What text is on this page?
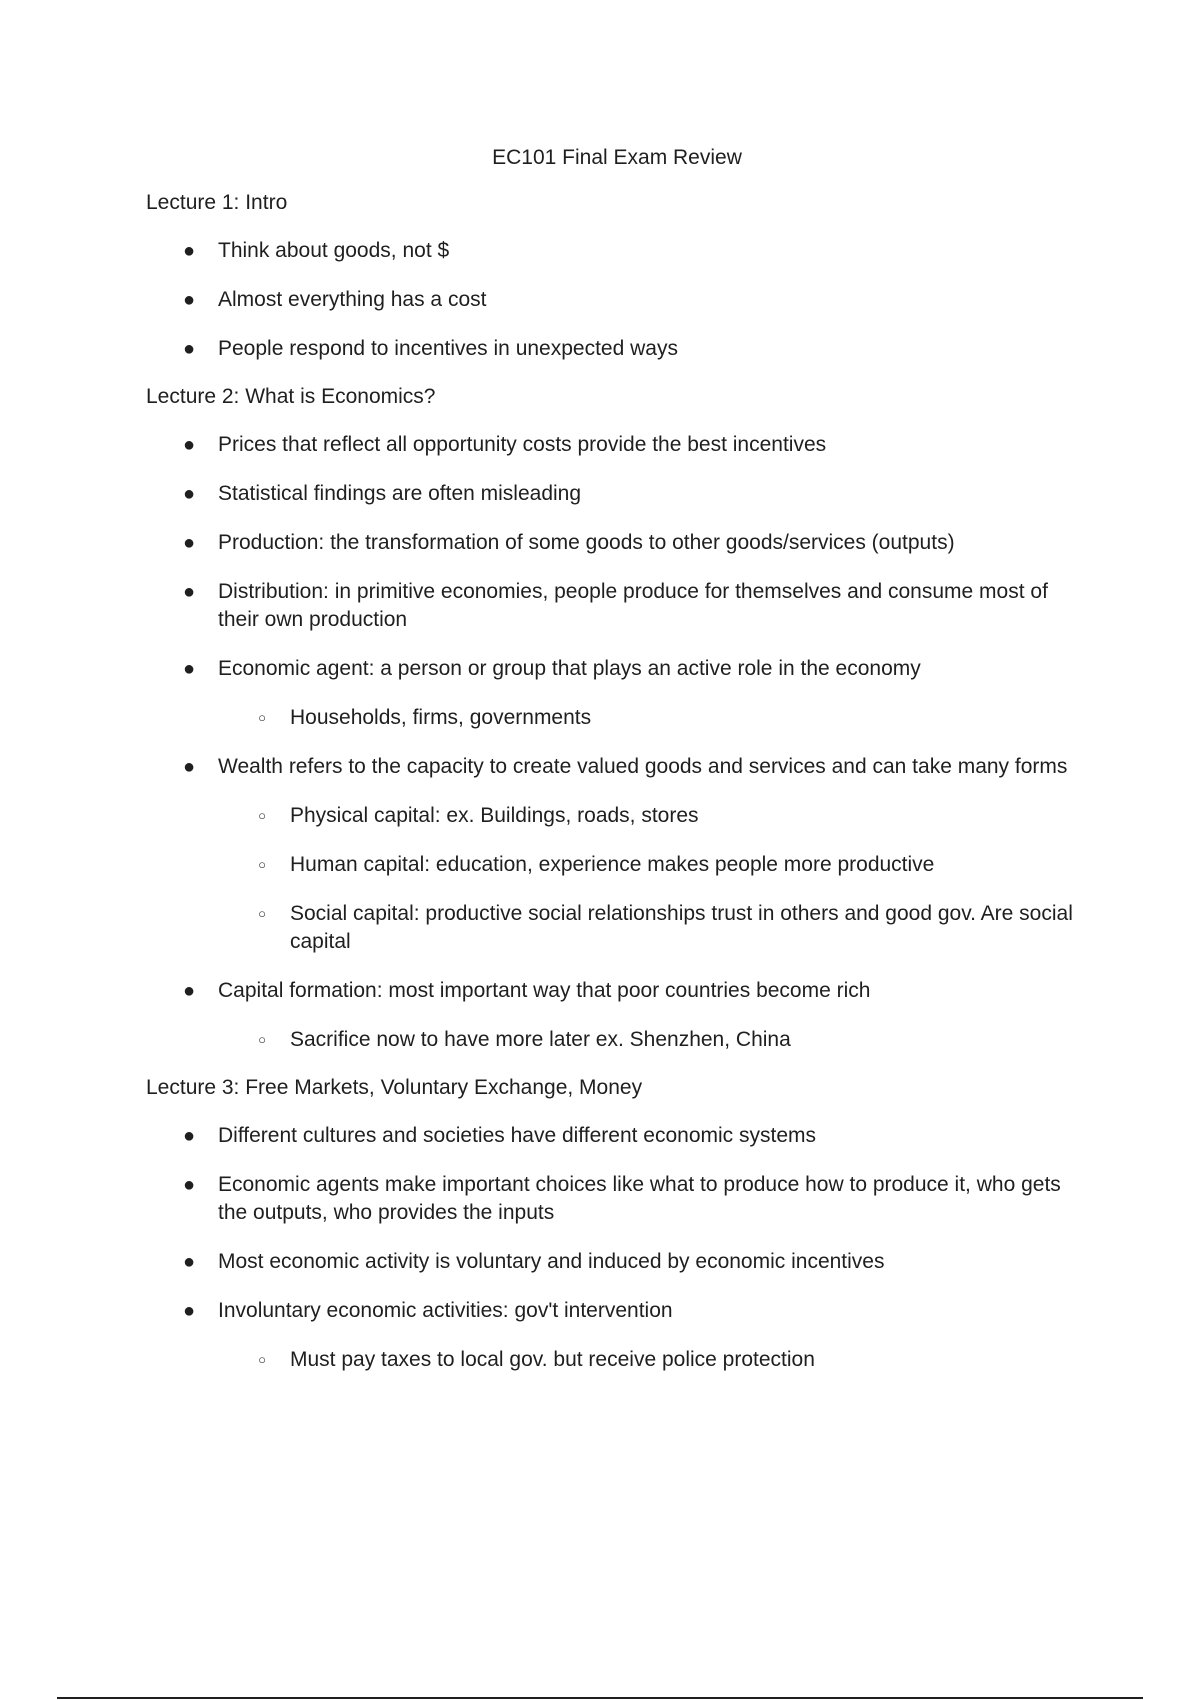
EC101 Final Exam Review
Lecture 1: Intro
● Think about goods, not $
● Almost everything has a cost
● People respond to incentives in unexpected ways
Lecture 2: What is Economics?
● Prices that reflect all opportunity costs provide the best incentives
● Statistical findings are often misleading
● Production: the transformation of some goods to other goods/services (outputs)
● Distribution: in primitive economies, people produce for themselves and consume most of their own production
● Economic agent: a person or group that plays an active role in the economy
○ Households, firms, governments
● Wealth refers to the capacity to create valued goods and services and can take many forms
○ Physical capital: ex. Buildings, roads, stores
○ Human capital: education, experience makes people more productive
○ Social capital: productive social relationships trust in others and good gov. Are social capital
● Capital formation: most important way that poor countries become rich
○ Sacrifice now to have more later ex. Shenzhen, China
Lecture 3: Free Markets, Voluntary Exchange, Money
● Different cultures and societies have different economic systems
● Economic agents make important choices like what to produce how to produce it, who gets the outputs, who provides the inputs
● Most economic activity is voluntary and induced by economic incentives
● Involuntary economic activities: gov't intervention
○ Must pay taxes to local gov. but receive police protection
